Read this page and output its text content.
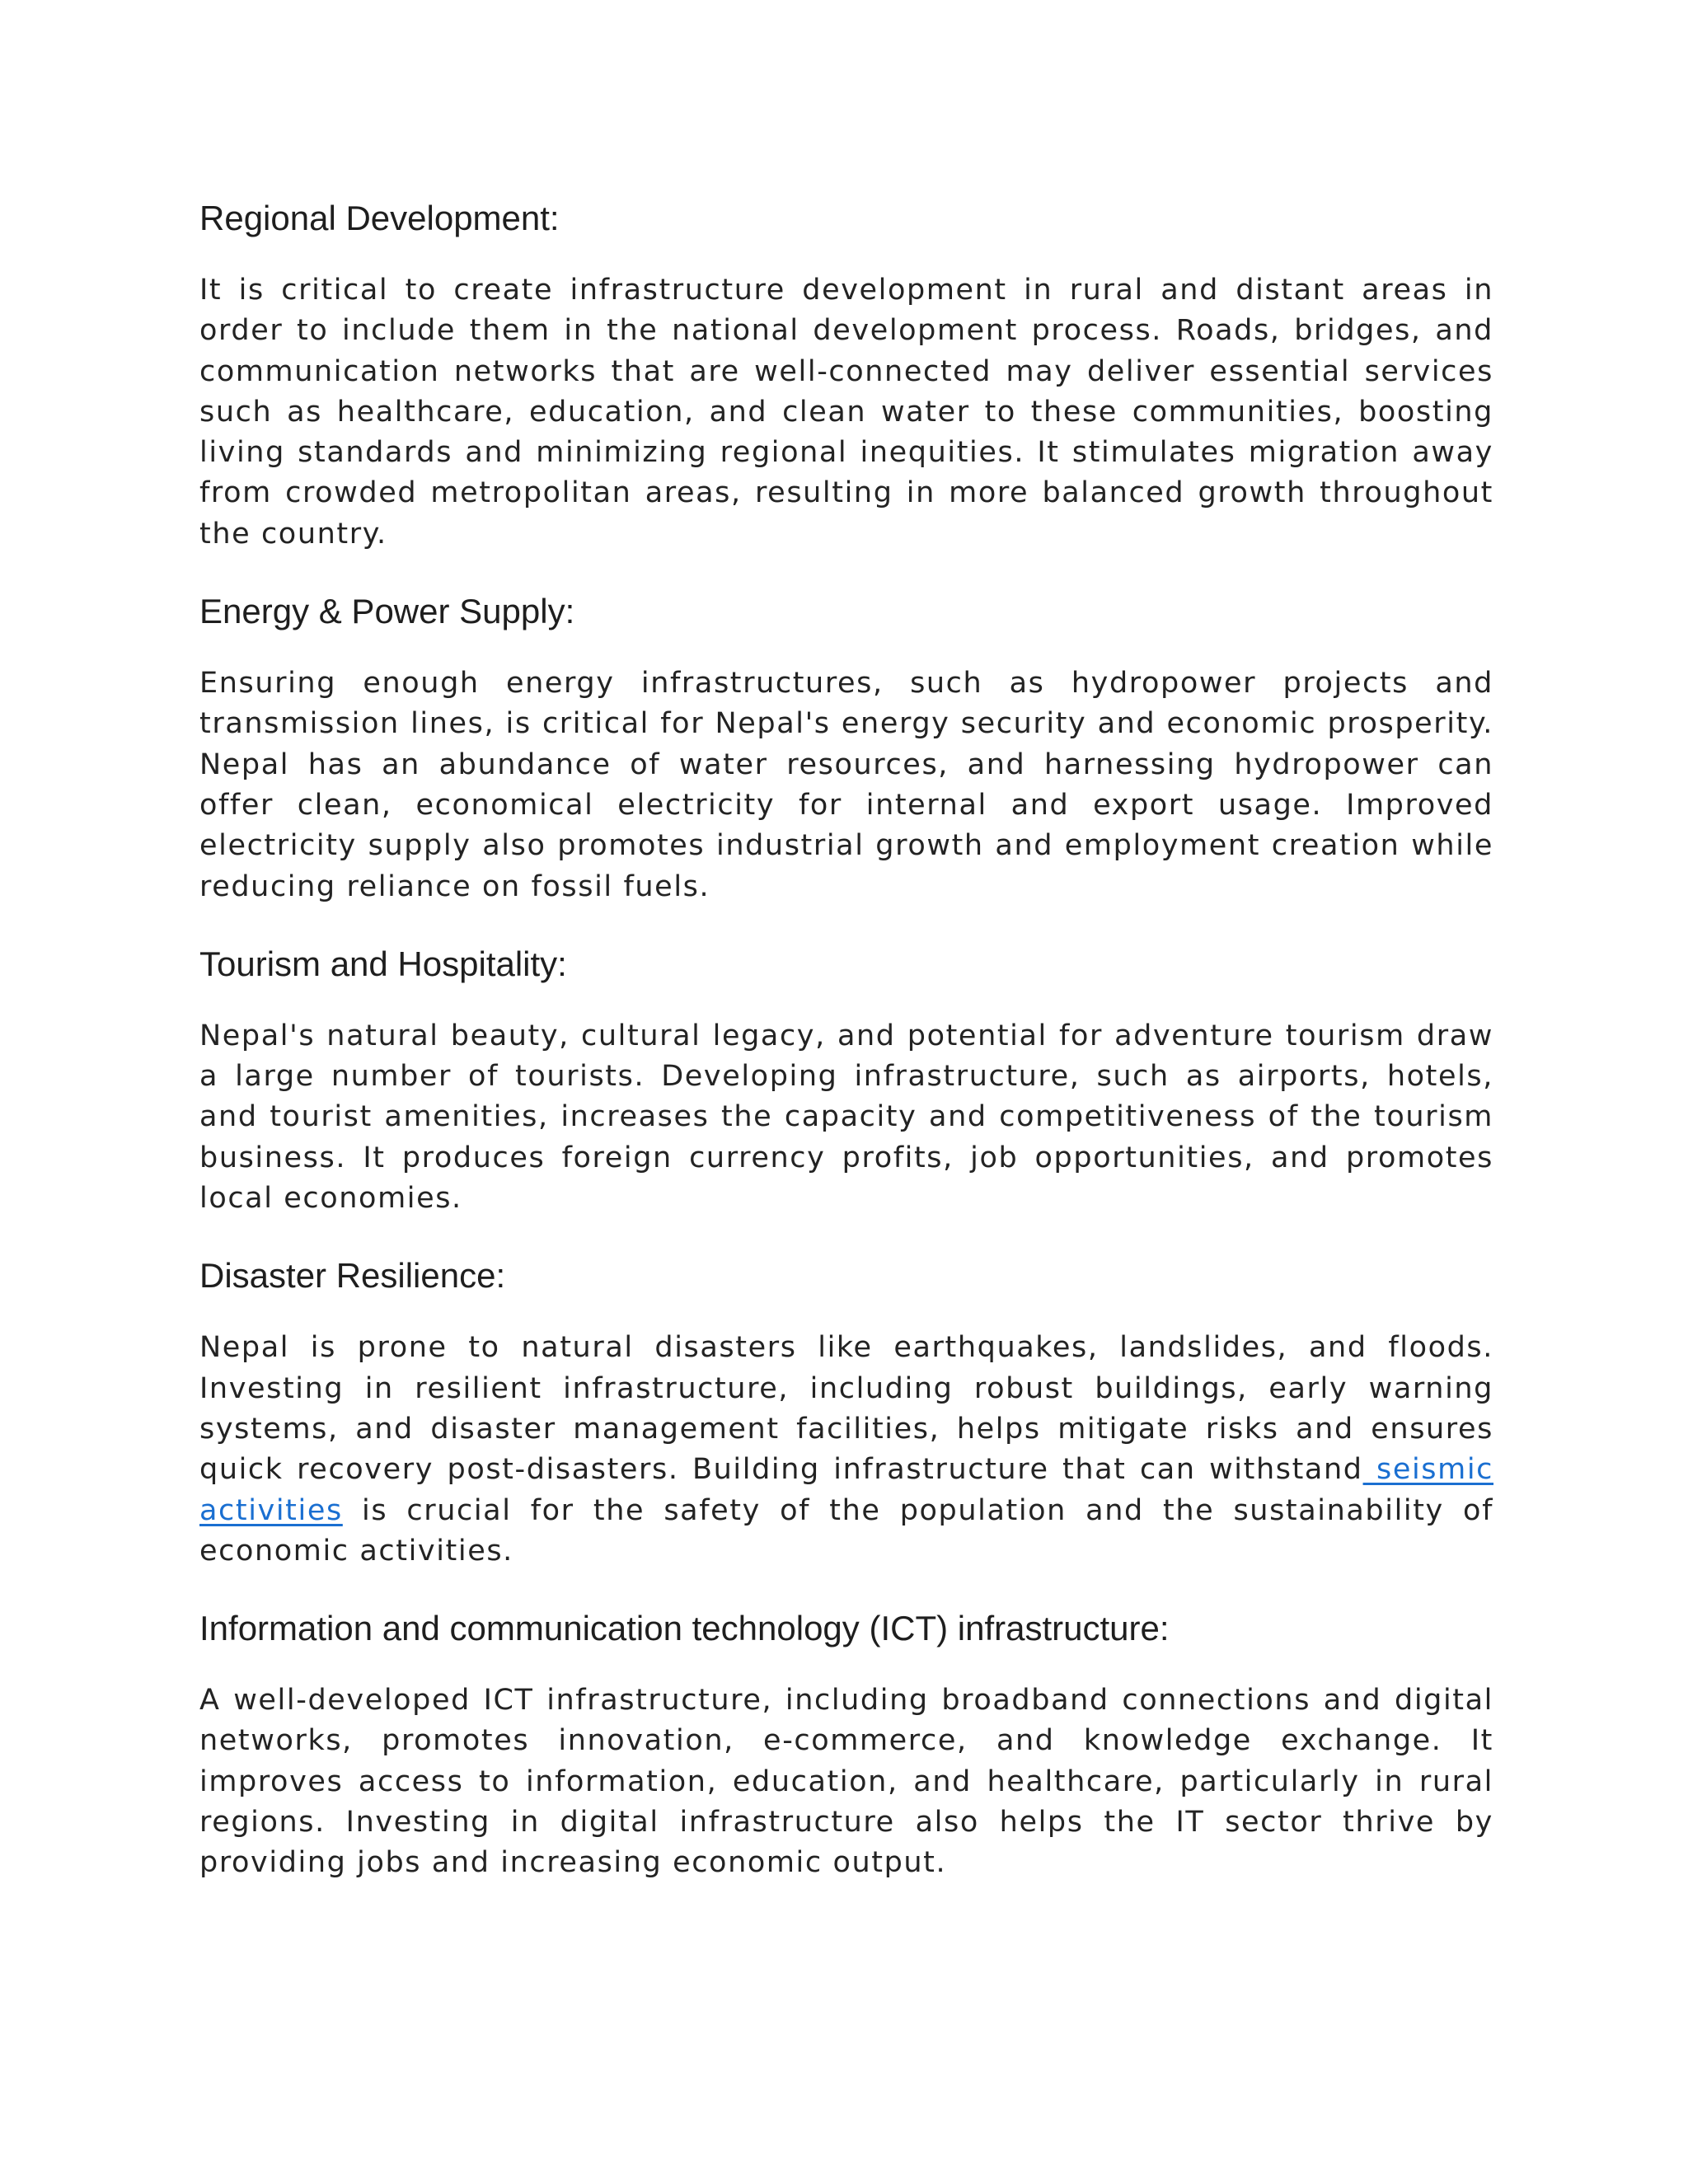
Regional Development:

It is critical to create infrastructure development in rural and distant areas in order to include them in the national development process. Roads, bridges, and communication networks that are well-connected may deliver essential services such as healthcare, education, and clean water to these communities, boosting living standards and minimizing regional inequities. It stimulates migration away from crowded metropolitan areas, resulting in more balanced growth throughout the country.

Energy & Power Supply:

Ensuring enough energy infrastructures, such as hydropower projects and transmission lines, is critical for Nepal's energy security and economic prosperity. Nepal has an abundance of water resources, and harnessing hydropower can offer clean, economical electricity for internal and export usage. Improved electricity supply also promotes industrial growth and employment creation while reducing reliance on fossil fuels.

Tourism and Hospitality:

Nepal's natural beauty, cultural legacy, and potential for adventure tourism draw a large number of tourists. Developing infrastructure, such as airports, hotels, and tourist amenities, increases the capacity and competitiveness of the tourism business. It produces foreign currency profits, job opportunities, and promotes local economies.

Disaster Resilience:

Nepal is prone to natural disasters like earthquakes, landslides, and floods. Investing in resilient infrastructure, including robust buildings, early warning systems, and disaster management facilities, helps mitigate risks and ensures quick recovery post-disasters. Building infrastructure that can withstand seismic activities is crucial for the safety of the population and the sustainability of economic activities.

Information and communication technology (ICT) infrastructure:

A well-developed ICT infrastructure, including broadband connections and digital networks, promotes innovation, e-commerce, and knowledge exchange. It improves access to information, education, and healthcare, particularly in rural regions. Investing in digital infrastructure also helps the IT sector thrive by providing jobs and increasing economic output.
